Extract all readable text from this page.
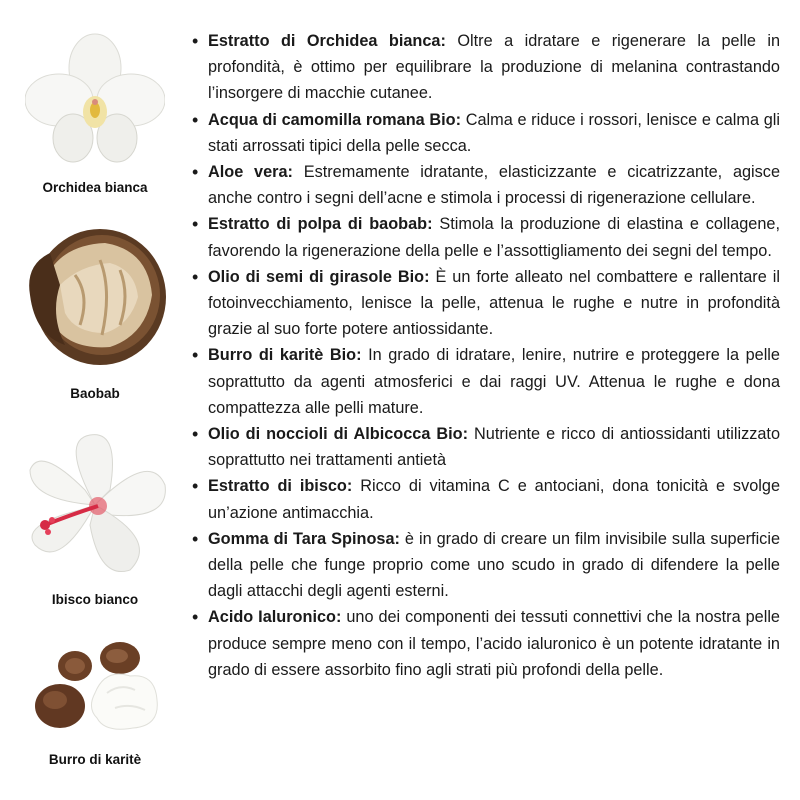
Orchidea bianca
Baobab
Ibisco bianco
Burro di karitè
• Estratto di Orchidea bianca: Oltre a idratare e rigenerare la pelle in profondità, è ottimo per equilibrare la produzione di melanina contrastando l’insorgere di macchie cutanee.
• Acqua di camomilla romana Bio: Calma e riduce i rossori, lenisce e calma gli stati arrossati tipici della pelle secca.
• Aloe vera: Estremamente idratante, elasticizzante e cicatrizzante, agisce anche contro i segni dell’acne e stimola i processi di rigenerazione cellulare.
• Estratto di polpa di baobab: Stimola la produzione di elastina e collagene, favorendo la rigenerazione della pelle e l’assottigliamento dei segni del tempo.
• Olio di semi di girasole Bio: È un forte alleato nel combattere e rallentare il fotoinvecchiamento, lenisce la pelle, attenua le rughe e nutre in profondità grazie al suo forte potere antiossidante.
• Burro di karitè Bio: In grado di idratare, lenire, nutrire e proteggere la pelle soprattutto da agenti atmosferici e dai raggi UV. Attenua le rughe e dona compattezza alle pelli mature.
• Olio di noccioli di Albicocca Bio: Nutriente e ricco di antiossidanti utilizzato soprattutto nei trattamenti antietà
• Estratto di ibisco: Ricco di vitamina C e antociani, dona tonicità e svolge un’azione antimacchia.
• Gomma di Tara Spinosa: è in grado di creare un film invisibile sulla superficie della pelle che funge proprio come uno scudo in grado di difendere la pelle dagli attacchi degli agenti esterni.
• Acido Ialuronico: uno dei componenti dei tessuti connettivi che la nostra pelle produce sempre meno con il tempo, l’acido ialuronico è un potente idratante in grado di essere assorbito fino agli strati più profondi della pelle.
